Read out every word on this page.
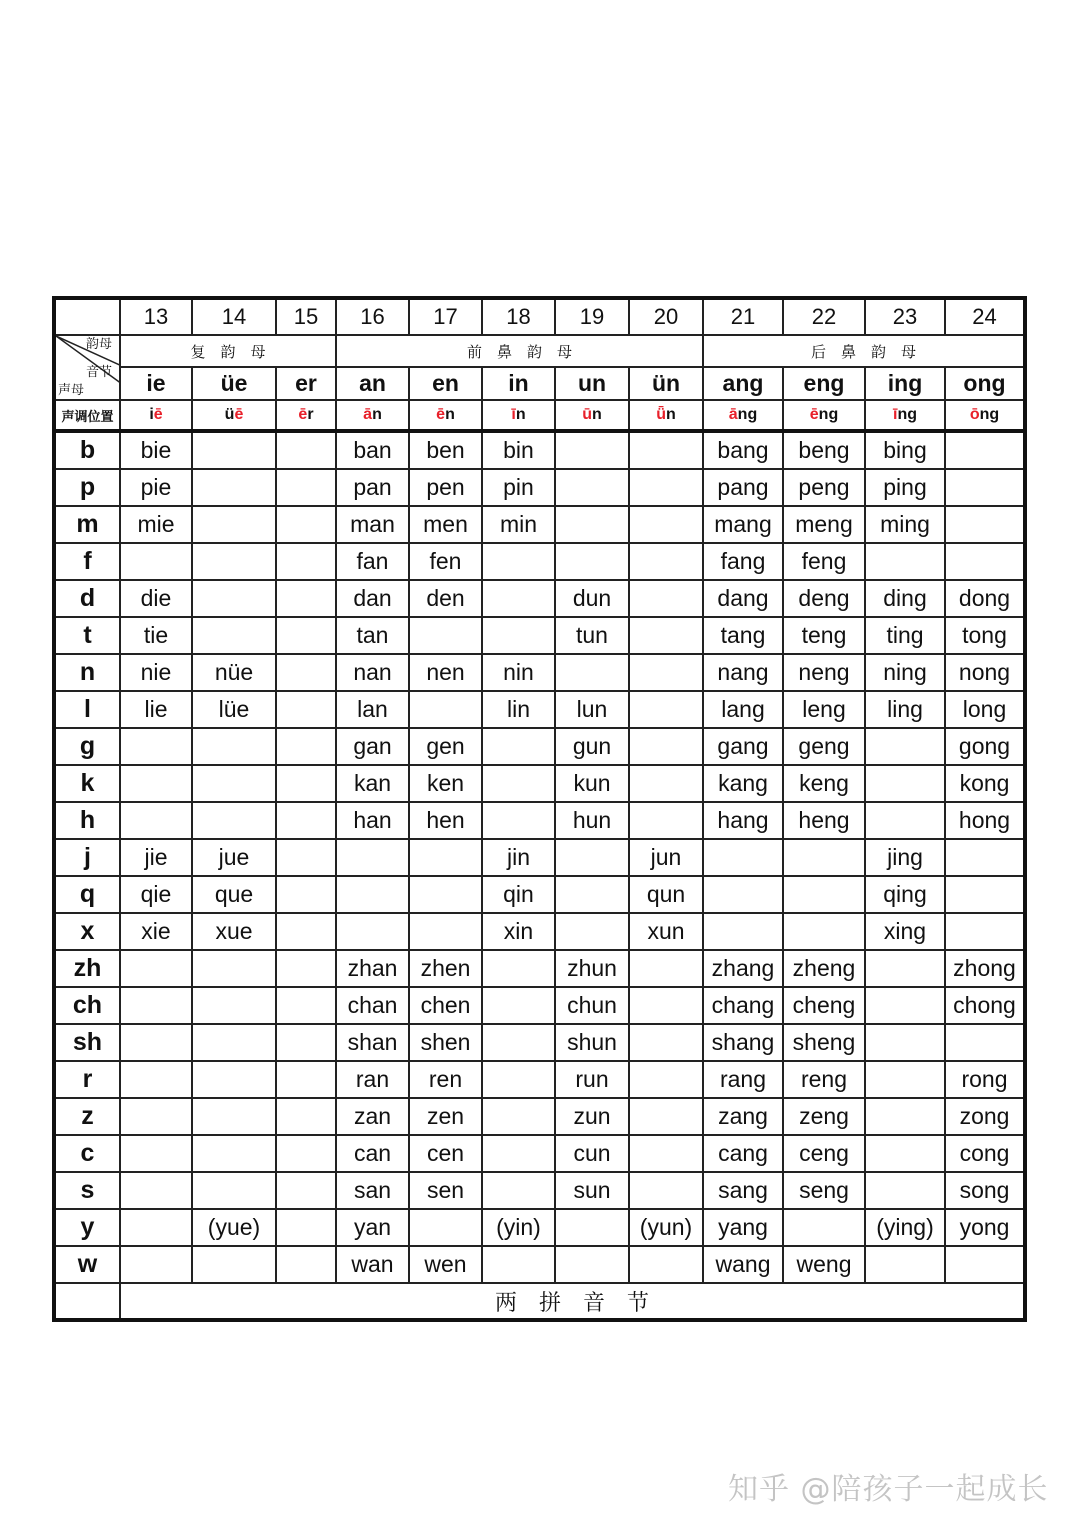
	13	14	15	16	17	18	19	20	21	22	23	24

韵母
音节
声母	复　韵　母			前　鼻　韵　母					后　鼻　韵　母			
	ie	üe	er	an	en	in	un	ün	ang	eng	ing	ong
声调位置	iē	üē	ēr	ān	ēn	īn	ūn	ǖn	āng	ēng	īng	ōng
b	bie			ban	ben	bin			bang	beng	bing	
p	pie			pan	pen	pin			pang	peng	ping	
m	mie			man	men	min			mang	meng	ming	
f				fan	fen				fang	feng		
d	die			dan	den		dun		dang	deng	ding	dong
t	tie			tan			tun		tang	teng	ting	tong
n	nie	nüe		nan	nen	nin			nang	neng	ning	nong
l	lie	lüe		lan		lin	lun		lang	leng	ling	long
g				gan	gen		gun		gang	geng		gong
k				kan	ken		kun		kang	keng		kong
h				han	hen		hun		hang	heng		hong
j	jie	jue				jin		jun			jing	
q	qie	que				qin		qun			qing	
x	xie	xue				xin		xun			xing	
zh				zhan	zhen		zhun		zhang	zheng		zhong
ch				chan	chen		chun		chang	cheng		chong
sh				shan	shen		shun		shang	sheng		
r				ran	ren		run		rang	reng		rong
z				zan	zen		zun		zang	zeng		zong
c				can	cen		cun		cang	ceng		cong
s				san	sen		sun		sang	seng		song
y		(yue)		yan		(yin)		(yun)	yang		(ying)	yong
w				wan	wen				wang	weng		
	两　拼　音　节											
知乎 @陪孩子一起成长
